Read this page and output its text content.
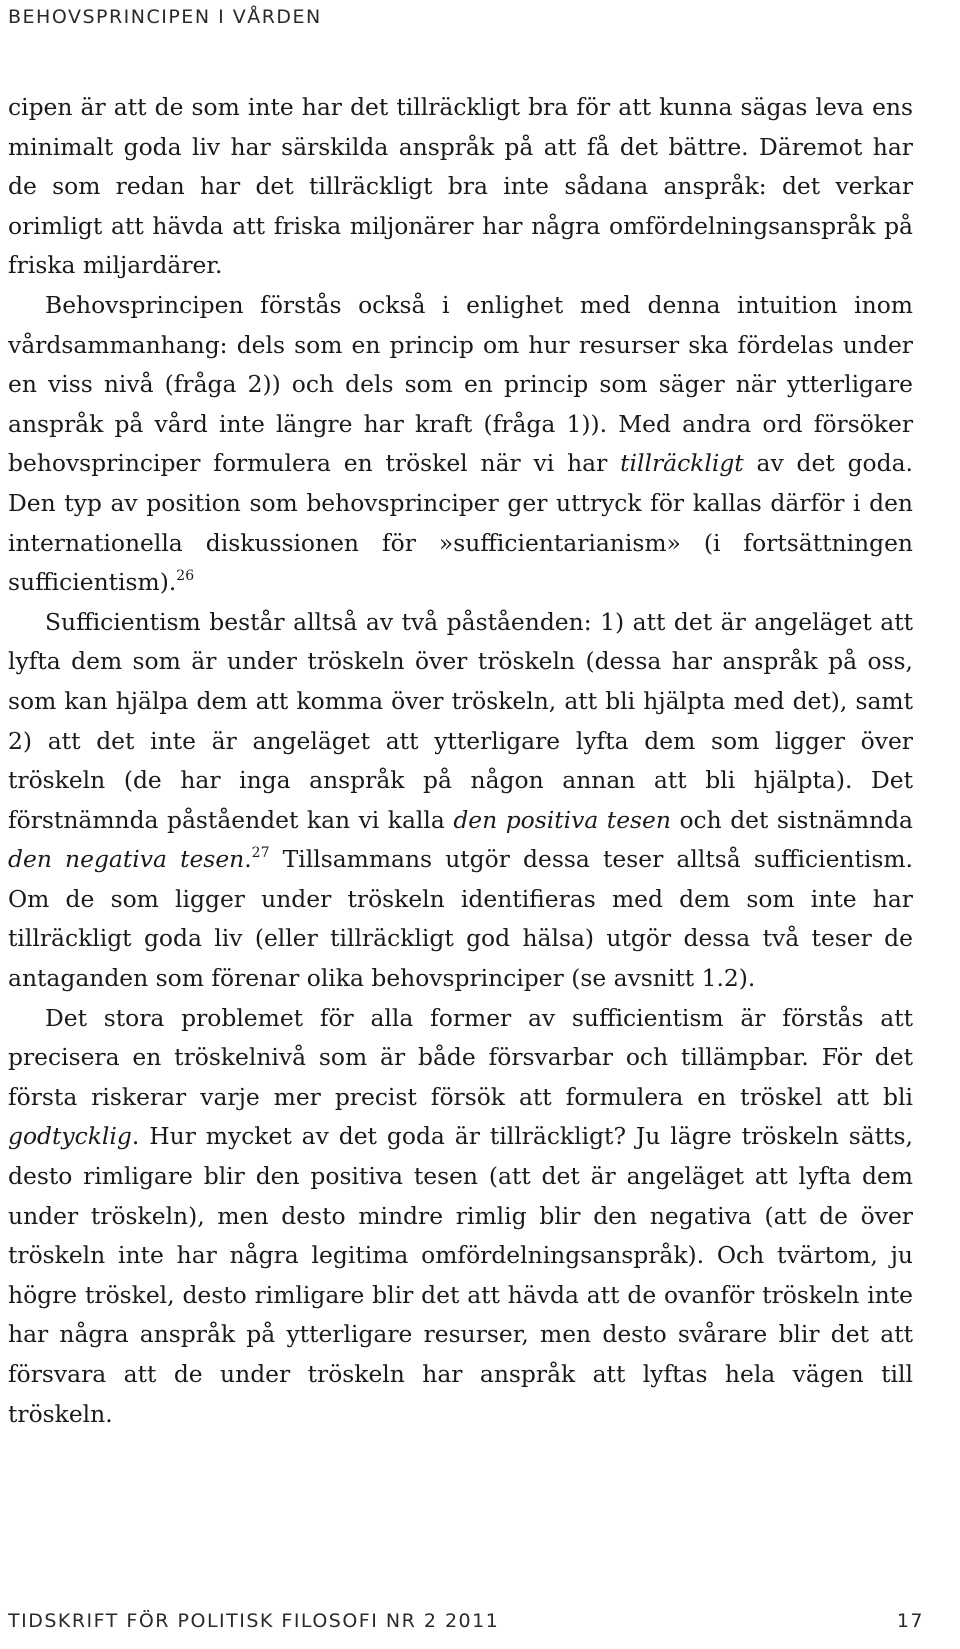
BEHOVSPRINCIPEN I VÅRDEN

cipen är att de som inte har det tillräckligt bra för att kunna sägas leva ens minimalt goda liv har särskilda anspråk på att få det bättre. Däremot har de som redan har det tillräckligt bra inte sådana anspråk: det verkar orimligt att hävda att friska miljonärer har några omfördelningsanspråk på friska miljardärer.

Behovsprincipen förstås också i enlighet med denna intuition inom vårdsammanhang: dels som en princip om hur resurser ska fördelas under en viss nivå (fråga 2)) och dels som en princip som säger när ytterligare anspråk på vård inte längre har kraft (fråga 1)). Med andra ord försöker behovsprinciper formulera en tröskel när vi har tillräckligt av det goda. Den typ av position som behovsprinciper ger uttryck för kallas därför i den internationella diskussionen för »sufficientarianism» (i fortsättningen sufficientism).$^{26}$

Sufficientism består alltså av två påståenden: 1) att det är angeläget att lyfta dem som är under tröskeln över tröskeln (dessa har anspråk på oss, som kan hjälpa dem att komma över tröskeln, att bli hjälpta med det), samt 2) att det inte är angeläget att ytterligare lyfta dem som ligger över tröskeln (de har inga anspråk på någon annan att bli hjälpta). Det förstnämnda påståendet kan vi kalla den positiva tesen och det sistnämnda den negativa tesen.$^{27}$ Tillsammans utgör dessa teser alltså sufficientism. Om de som ligger under tröskeln identifieras med dem som inte har tillräckligt goda liv (eller tillräckligt god hälsa) utgör dessa två teser de antaganden som förenar olika behovsprinciper (se avsnitt 1.2).

Det stora problemet för alla former av sufficientism är förstås att precisera en tröskelnivå som är både försvarbar och tillämpbar. För det första riskerar varje mer precist försök att formulera en tröskel att bli godtycklig. Hur mycket av det goda är tillräckligt? Ju lägre tröskeln sätts, desto rimligare blir den positiva tesen (att det är angeläget att lyfta dem under tröskeln), men desto mindre rimlig blir den negativa (att de över tröskeln inte har några legitima omfördelningsanspråk). Och tvärtom, ju högre tröskel, desto rimligare blir det att hävda att de ovanför tröskeln inte har några anspråk på ytterligare resurser, men desto svårare blir det att försvara att de under tröskeln har anspråk att lyftas hela vägen till tröskeln.

TIDSKRIFT FÖR POLITISK FILOSOFI NR 2 2011	17
